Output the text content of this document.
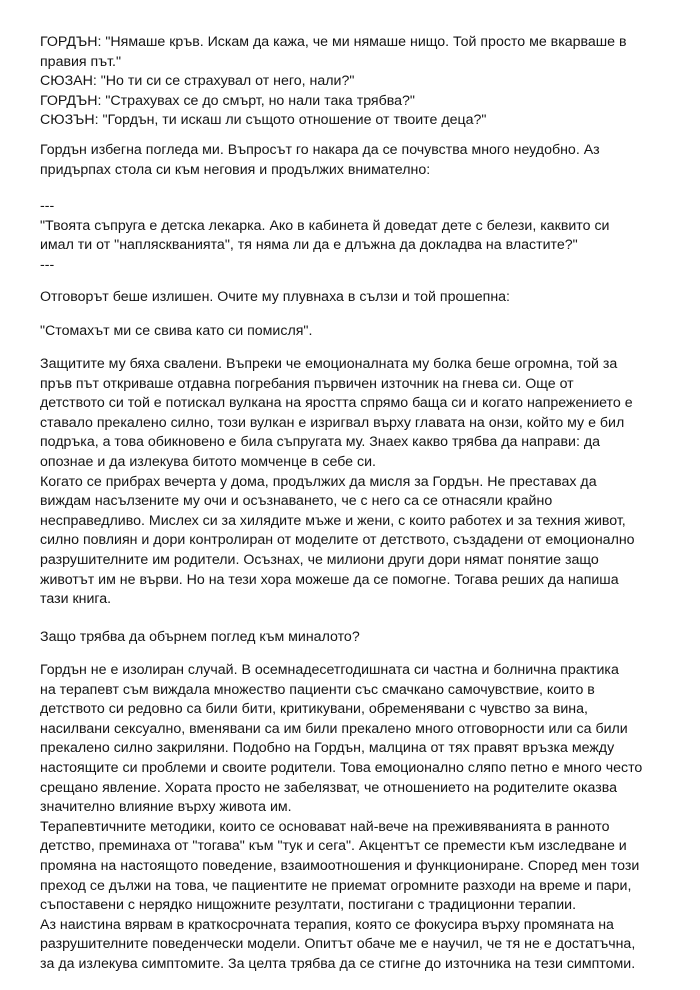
ГОРДЪН: "Нямаше кръв. Искам да кажа, че ми нямаше нищо. Той просто ме вкарваше в
правия път."
СЮЗАН: "Но ти си се страхувал от него, нали?"
ГОРДЪН: "Страхувах се до смърт, но нали така трябва?"
СЮЗЪН: "Гордън, ти искаш ли същото отношение от твоите деца?"
Гордън избегна погледа ми. Въпросът го накара да се почувства много неудобно. Аз
придърпах стола си към неговия и продължих внимателно:
---
"Твоята съпруга е детска лекарка. Ако в кабинета й доведат дете с белези, каквито си
имал ти от "напляскванията", тя няма ли да е длъжна да докладва на властите?"
---
Отговорът беше излишен. Очите му плувнаха в сълзи и той прошепна:
"Стомахът ми се свива като си помисля".
Защитите му бяха свалени. Въпреки че емоционалната му болка беше огромна, той за
пръв път откриваше отдавна погребания първичен източник на гнева си. Още от
детството си той е потискал вулкана на яростта спрямо баща си и когато напрежението е
ставало прекалено силно, този вулкан е изригвал върху главата на онзи, който му е бил
подръка, а това обикновено е била съпругата му. Знаех какво трябва да направи: да
опознае и да излекува битото момченце в себе си.
Когато се прибрах вечерта у дома, продължих да мисля за Гордън. Не преставах да
виждам насълзените му очи и осъзнаването, че с него са се отнасяли крайно
несправедливо. Мислех си за хилядите мъже и жени, с които работех и за техния живот,
силно повлиян и дори контролиран от моделите от детството, създадени от емоционално
разрушителните им родители. Осъзнах, че милиони други дори нямат понятие защо
животът им не върви. Но на тези хора можеше да се помогне. Тогава реших да напиша
тази книга.
Защо трябва да обърнем поглед към миналото?
Гордън не е изолиран случай. В осемнадесетгодишната си частна и болнична практика
на терапевт съм виждала множество пациенти със смачкано самочувствие, които в
детството си редовно са били бити, критикувани, обременявани с чувство за вина,
насилвани сексуално, вменявани са им били прекалено много отговорности или са били
прекалено силно закриляни. Подобно на Гордън, малцина от тях правят връзка между
настоящите си проблеми и своите родители. Това емоционално сляпо петно е много често
срещано явление. Хората просто не забелязват, че отношението на родителите оказва
значително влияние върху живота им.
Терапевтичните методики, които се основават най-вече на преживяванията в ранното
детство, преминаха от "тогава" към "тук и сега". Акцентът се премести към изследване и
промяна на настоящото поведение, взаимоотношения и функциониране. Според мен този
преход се дължи на това, че пациентите не приемат огромните разходи на време и пари,
съпоставени с нерядко нищожните резултати, постигани с традиционни терапии.
Аз наистина вярвам в краткосрочната терапия, която се фокусира върху промяната на
разрушителните поведенчески модели. Опитът обаче ме е научил, че тя не е достатъчна,
за да излекува симптомите. За целта трябва да се стигне до източника на тези симптоми.
